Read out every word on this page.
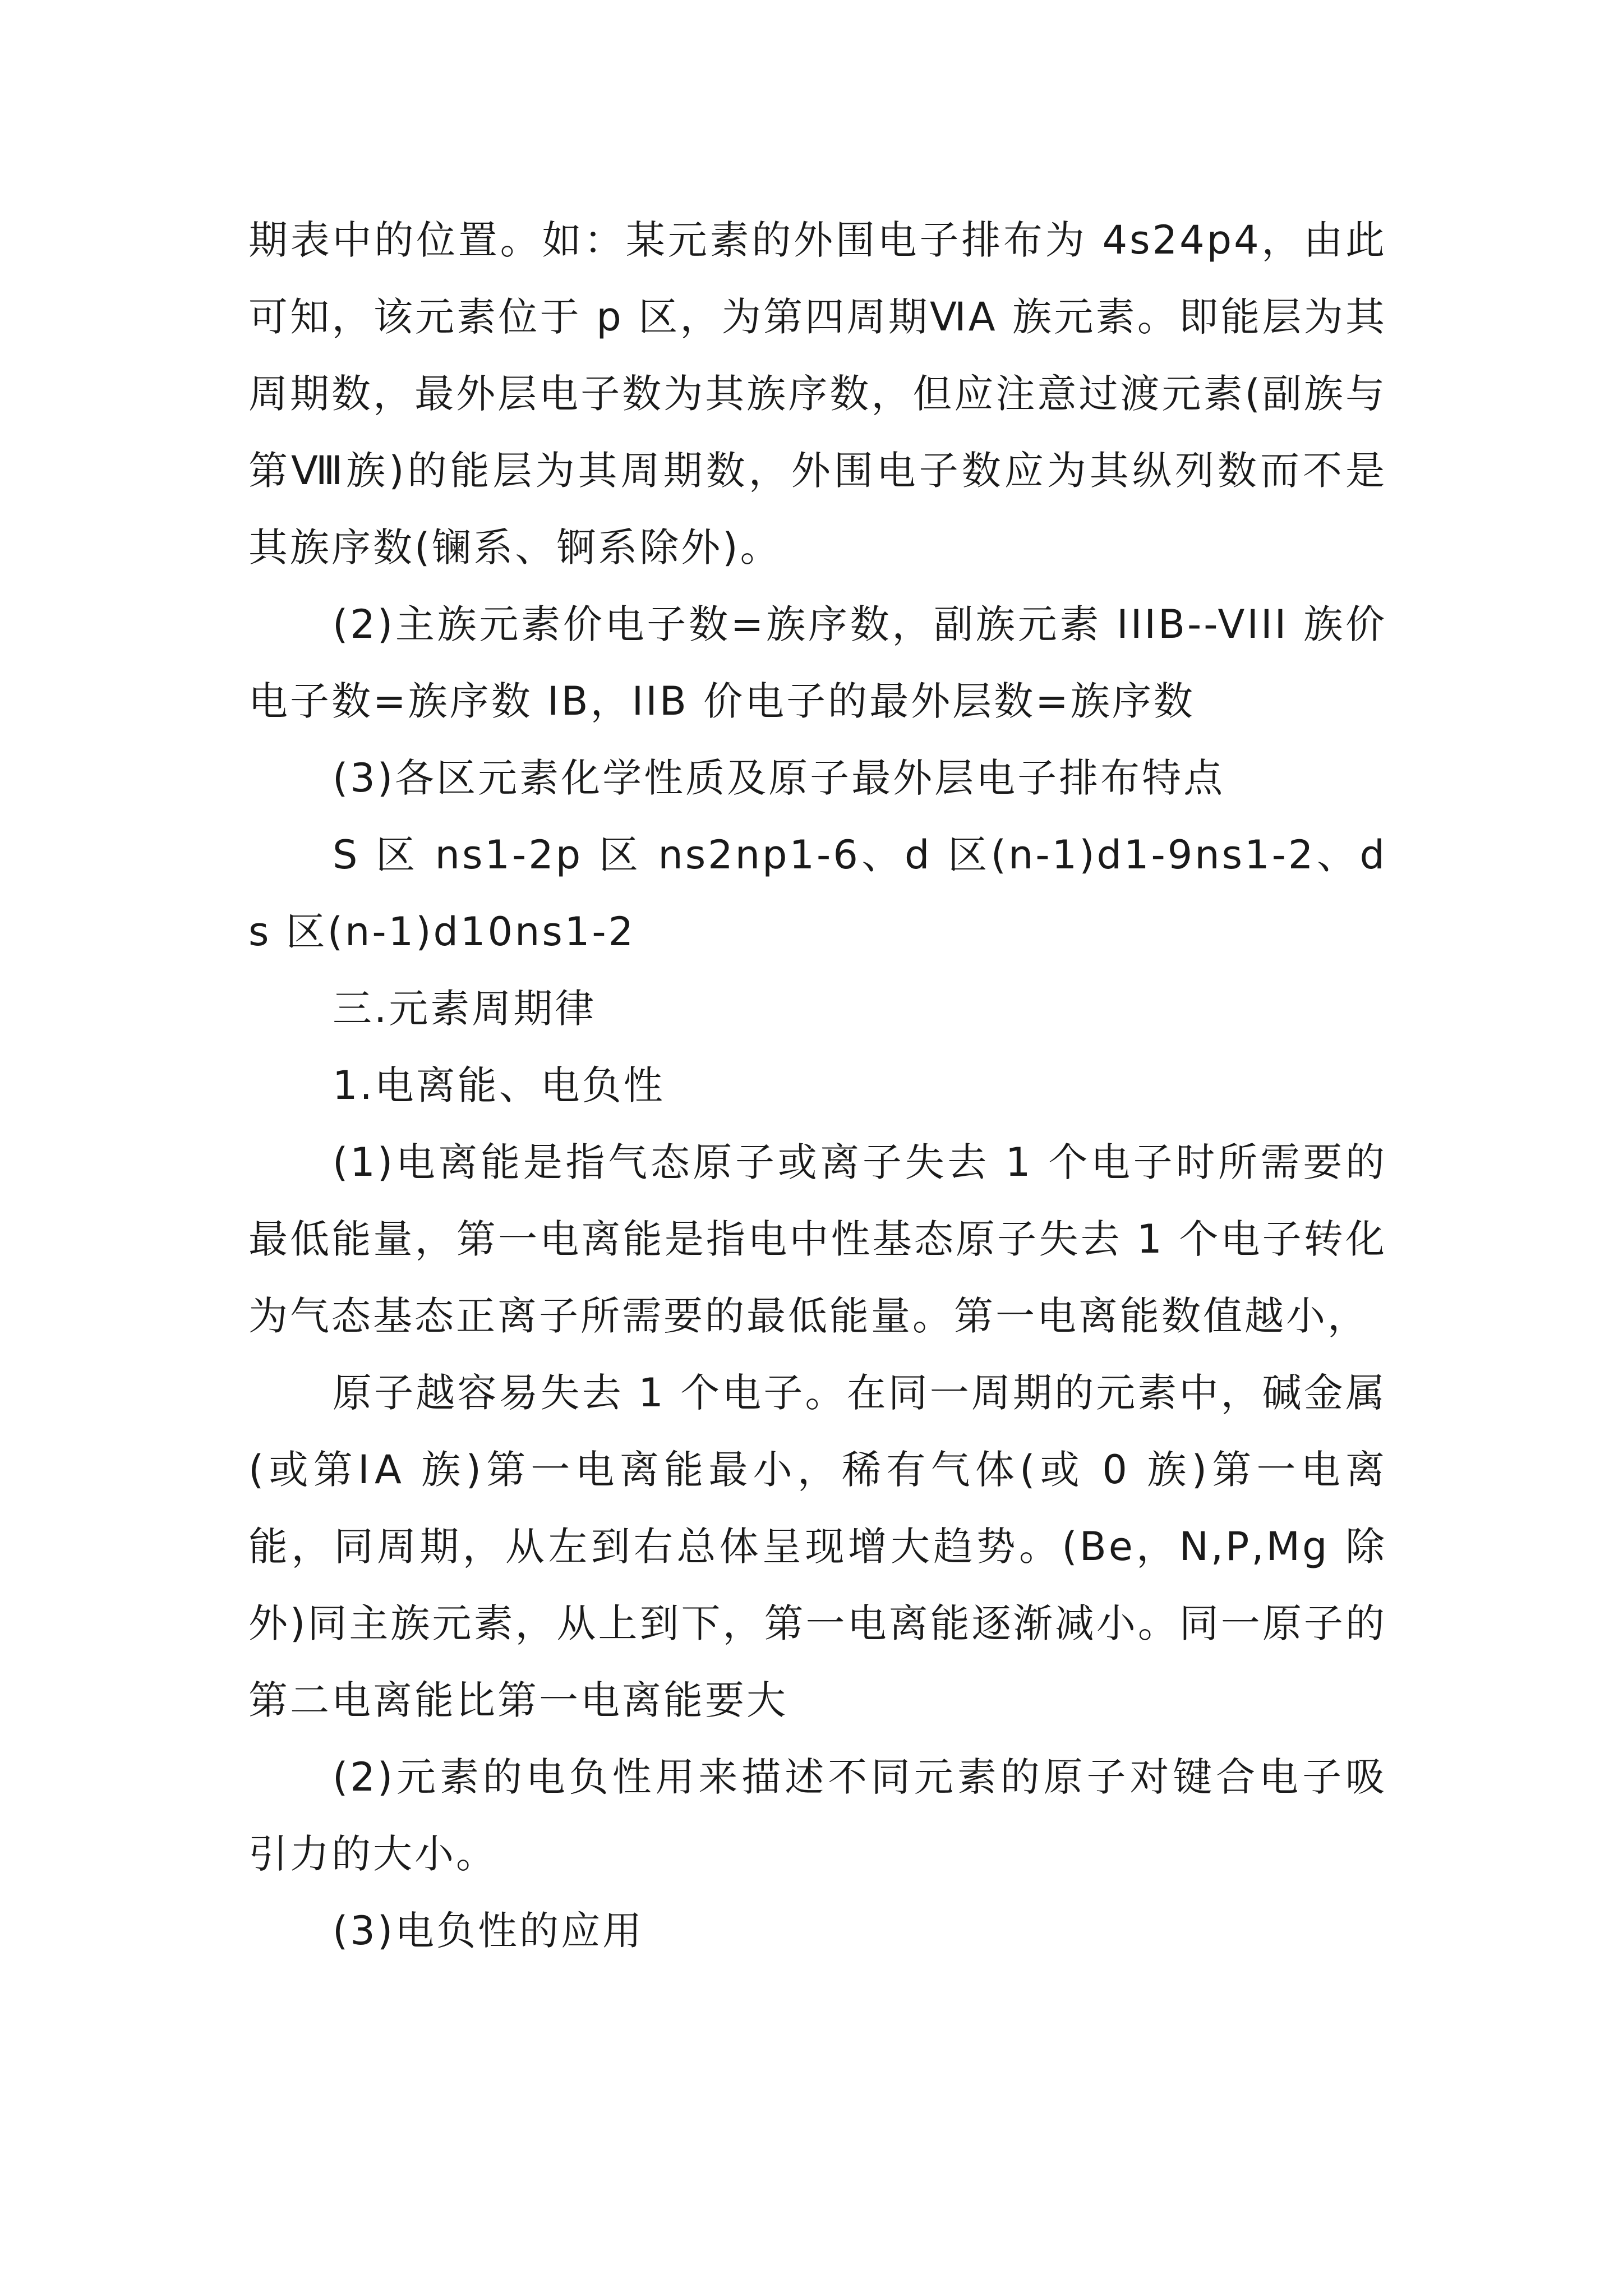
期表中的位置。如：某元素的外围电子排布为 4s24p4，由此可知，该元素位于 p 区，为第四周期ⅥA 族元素。即能层为其周期数，最外层电子数为其族序数，但应注意过渡元素(副族与第Ⅷ族)的能层为其周期数，外围电子数应为其纵列数而不是其族序数(镧系、锕系除外)。

(2)主族元素价电子数=族序数，副族元素 IIIB--VIII 族价电子数=族序数 IB，IIB 价电子的最外层数=族序数

(3)各区元素化学性质及原子最外层电子排布特点

S 区 ns1-2p 区 ns2np1-6、d 区(n-1)d1-9ns1-2、ds 区(n-1)d10ns1-2

三.元素周期律

1.电离能、电负性

(1)电离能是指气态原子或离子失去 1 个电子时所需要的最低能量，第一电离能是指电中性基态原子失去 1 个电子转化为气态基态正离子所需要的最低能量。第一电离能数值越小，

原子越容易失去 1 个电子。在同一周期的元素中，碱金属(或第ⅠA 族)第一电离能最小，稀有气体(或 0 族)第一电离能，同周期，从左到右总体呈现增大趋势。(Be，N,P,Mg 除外)同主族元素，从上到下，第一电离能逐渐减小。同一原子的第二电离能比第一电离能要大

(2)元素的电负性用来描述不同元素的原子对键合电子吸引力的大小。

(3)电负性的应用
